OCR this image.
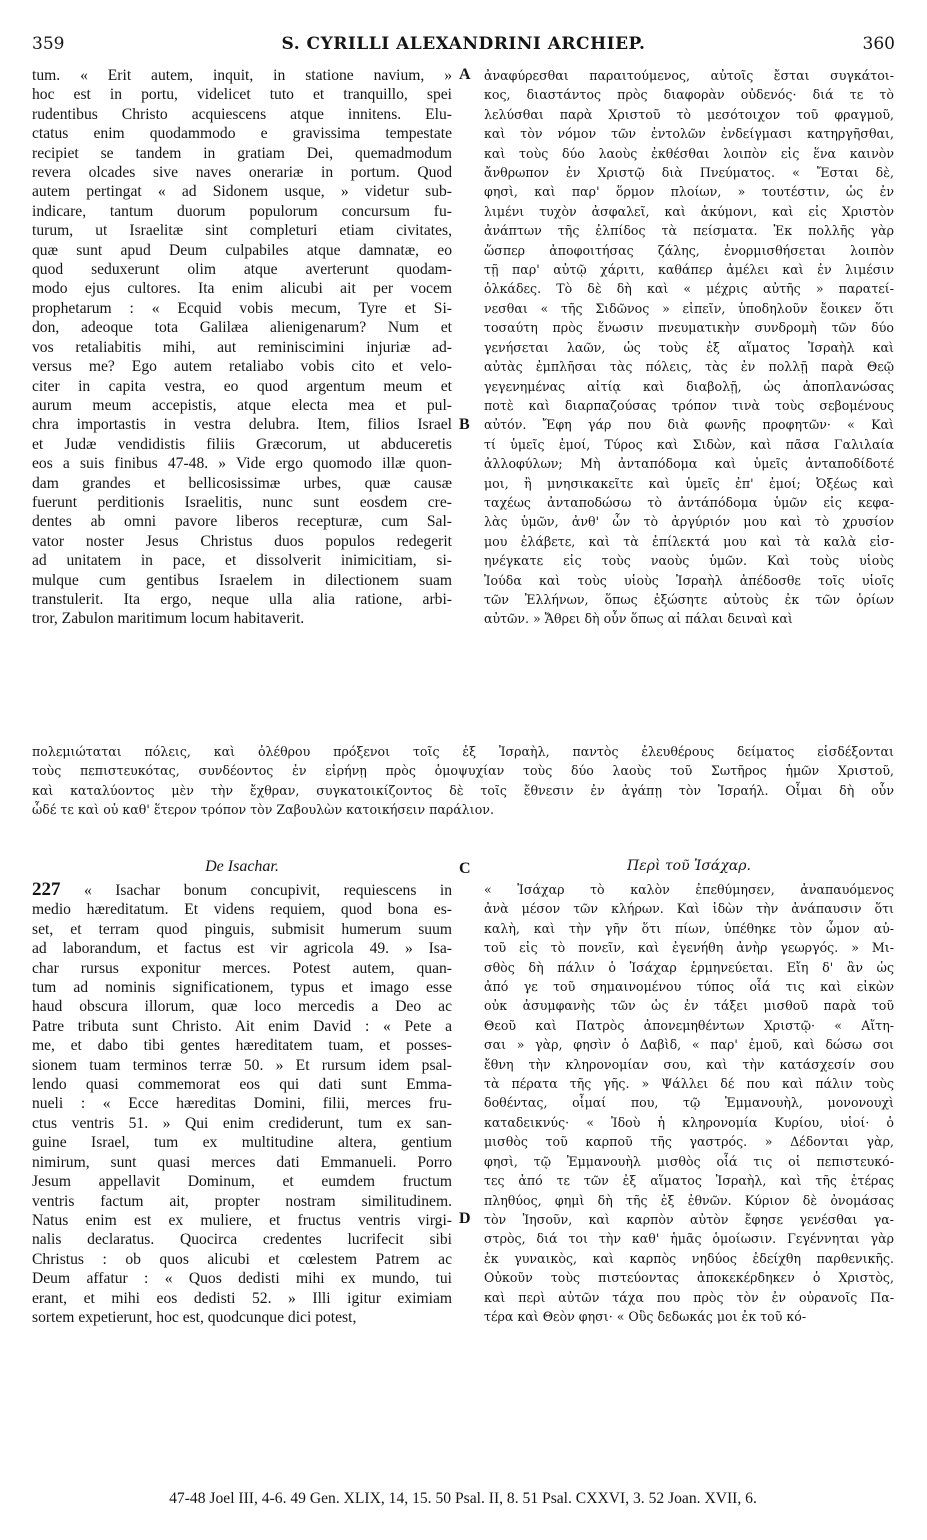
359	S. CYRILLI ALEXANDRINI ARCHIEP.	360
tum. « Erit autem, inquit, in statione navium, »
hoc est in portu, videlicet tuto et tranquillo, spei
rudentibus Christo acquiescens atque innitens. Elu-
ctatus enim quodammodo e gravissima tempestate
recipiet se tandem in gratiam Dei, quemadmodum
revera olcades sive naves onerariæ in portum. Quod
autem pertingat « ad Sidonem usque, » videtur sub-
indicare, tantum duorum populorum concursum fu-
turum, ut Israelitæ sint completuri etiam civitates,
quæ sunt apud Deum culpabiles atque damnatæ, eo
quod seduxerunt olim atque averterunt quodam-
modo ejus cultores. Ita enim alicubi ait per vocem
prophetarum : « Ecquid vobis mecum, Tyre et Si-
don, adeoque tota Galilæa alienigenarum? Num et
vos retaliabitis mihi, aut reminiscimini injuriæ ad-
versus me? Ego autem retaliabo vobis cito et velo-
citer in capita vestra, eo quod argentum meum et
aurum meum accepistis, atque electa mea et pul-
chra importastis in vestra delubra. Item, filios Israel
et Judæ vendidistis filiis Græcorum, ut abduceretis
eos a suis finibus 47-48. » Vide ergo quomodo illæ quon-
dam grandes et bellicosissimæ urbes, quæ causæ
fuerunt perditionis Israelitis, nunc sunt eosdem cre-
dentes ab omni pavore liberos recepturæ, cum Sal-
vator noster Jesus Christus duos populos redegerit
ad unitatem in pace, et dissolverit inimicitiam, si-
mulque cum gentibus Israelem in dilectionem suam
transtulerit. Ita ergo, neque ulla alia ratione, arbi-
tror, Zabulon maritimum locum habitaverit.
ἀναφύρεσθαι παραιτούμενος, αὐτοῖς ἔσται συγκάτοι-
κος, διαστάντος πρὸς διαφορὰν οὐδενός· διά τε τὸ
λελύσθαι παρὰ Χριστοῦ τὸ μεσότοιχον τοῦ φραγμοῦ,
καὶ τὸν νόμον τῶν ἐντολῶν ἐνδείγμασι κατηργῆσθαι,
καὶ τοὺς δύο λαοὺς ἐκθέσθαι λοιπὸν εἰς ἕνα καινὸν
ἄνθρωπον ἐν Χριστῷ διὰ Πνεύματος. « Ἔσται δὲ,
φησὶ, καὶ παρ' ὅρμον πλοίων, » τουτέστιν, ὡς ἐν
λιμένι τυχὸν ἀσφαλεῖ, καὶ ἀκύμονι, καὶ εἰς Χριστὸν
ἀνάπτων τῆς ἐλπίδος τὰ πείσματα. Ἐκ πολλῆς γὰρ
ὥσπερ ἀποφοιτήσας ζάλης, ἐνορμισθήσεται λοιπὸν
τῇ παρ' αὐτῷ χάριτι, καθάπερ ἀμέλει καὶ ἐν λιμέσιν
ὁλκάδες. Τὸ δὲ δὴ καὶ « μέχρις αὐτῆς » παρατεί-
νεσθαι « τῆς Σιδῶνος » εἰπεῖν, ὑποδηλοῦν ἔοικεν ὅτι
τοσαύτη πρὸς ἕνωσιν πνευματικὴν συνδρομὴ τῶν δύο
γενήσεται λαῶν, ὡς τοὺς ἐξ αἵματος Ἰσραὴλ καὶ
αὐτὰς ἐμπλῆσαι τὰς πόλεις, τὰς ἐν πολλῇ παρὰ Θεῷ
γεγενημένας αἰτίᾳ καὶ διαβολῇ, ὡς ἀποπλανώσας
ποτὲ καὶ διαρπαζούσας τρόπον τινὰ τοὺς σεβομένους
αὐτόν. Ἔφη γάρ που διὰ φωνῆς προφητῶν· « Καὶ
τί ὑμεῖς ἐμοί, Τύρος καὶ Σιδὼν, καὶ πᾶσα Γαλιλαία
ἀλλοφύλων; Μὴ ἀνταπόδομα καὶ ὑμεῖς ἀνταποδίδοτέ
μοι, ἢ μνησικακεῖτε καὶ ὑμεῖς ἐπ' ἐμοί; Ὀξέως καὶ
ταχέως ἀνταποδώσω τὸ ἀντάπόδομα ὑμῶν εἰς κεφα-
λὰς ὑμῶν, ἀνθ' ὧν τὸ ἀργύριόν μου καὶ τὸ χρυσίον
μου ἐλάβετε, καὶ τὰ ἐπίλεκτά μου καὶ τὰ καλὰ εἰσ-
ηνέγκατε εἰς τοὺς ναοὺς ὑμῶν. Καὶ τοὺς υἱοὺς
Ἰούδα καὶ τοὺς υἱοὺς Ἰσραὴλ ἀπέδοσθε τοῖς υἱοῖς
τῶν Ἑλλήνων, ὅπως ἐξώσητε αὐτοὺς ἐκ τῶν ὁρίων
αὐτῶν. » Ἄθρει δὴ οὖν ὅπως αἱ πάλαι δειναὶ καὶ
πολεμιώταται πόλεις, καὶ ὀλέθρου πρόξενοι τοῖς ἐξ Ἰσραὴλ, παντὸς ἐλευθέρους δείματος εἰσδέξονται
τοὺς πεπιστευκότας, συνδέοντος ἐν εἰρήνῃ πρὸς ὁμοψυχίαν τοὺς δύο λαοὺς τοῦ Σωτῆρος ἡμῶν Χριστοῦ,
καὶ καταλύοντος μὲν τὴν ἔχθραν, συγκατοικίζοντος δὲ τοῖς ἔθνεσιν ἐν ἀγάπῃ τὸν Ἰσραήλ. Οἶμαι δὴ οὖν
ὧδέ τε καὶ οὐ καθ' ἕτερον τρόπον τὸν Ζαβουλὼν κατοικήσειν παράλιον.
A
B
C
D
De Isachar.	Περὶ τοῦ Ἰσάχαρ.
227 « Isachar bonum concupivit, requiescens in
medio hæreditatum. Et videns requiem, quod bona es-
set, et terram quod pinguis, submisit humerum suum
ad laborandum, et factus est vir agricola 49. » Isa-
char rursus exponitur merces. Potest autem, quan-
tum ad nominis significationem, typus et imago esse
haud obscura illorum, quæ loco mercedis a Deo ac
Patre tributa sunt Christo. Ait enim David : « Pete a
me, et dabo tibi gentes hæreditatem tuam, et posses-
sionem tuam terminos terræ 50. » Et rursum idem psal-
lendo quasi commemorat eos qui dati sunt Emma-
nueli : « Ecce hæreditas Domini, filii, merces fru-
ctus ventris 51. » Qui enim crediderunt, tum ex san-
guine Israel, tum ex multitudine altera, gentium
nimirum, sunt quasi merces dati Emmanueli. Porro
Jesum appellavit Dominum, et eumdem fructum
ventris factum ait, propter nostram similitudinem.
Natus enim est ex muliere, et fructus ventris virgi-
nalis declaratus. Quocirca credentes lucrifecit sibi
Christus : ob quos alicubi et cœlestem Patrem ac
Deum affatur : « Quos dedisti mihi ex mundo, tui
erant, et mihi eos dedisti 52. » Illi igitur eximiam
sortem expetierunt, hoc est, quodcunque dici potest,
« Ἰσάχαρ τὸ καλὸν ἐπεθύμησεν, ἀναπαυόμενος
ἀνὰ μέσον τῶν κλήρων. Καὶ ἰδὼν τὴν ἀνάπαυσιν ὅτι
καλὴ, καὶ τὴν γῆν ὅτι πίων, ὑπέθηκε τὸν ὦμον αὐ-
τοῦ εἰς τὸ πονεῖν, καὶ ἐγενήθη ἀνὴρ γεωργός. » Μι-
σθὸς δὴ πάλιν ὁ Ἰσάχαρ ἑρμηνεύεται. Εἴη δ' ἂν ὡς
ἀπό γε τοῦ σημαινομένου τύπος οἷά τις καὶ εἰκὼν
οὐκ ἀσυμφανὴς τῶν ὡς ἐν τάξει μισθοῦ παρὰ τοῦ
Θεοῦ καὶ Πατρὸς ἀπονεμηθέντων Χριστῷ· « Αἴτη-
σαι » γὰρ, φησὶν ὁ Δαβὶδ, « παρ' ἐμοῦ, καὶ δώσω σοι
ἔθνη τὴν κληρονομίαν σου, καὶ τὴν κατάσχεσίν σου
τὰ πέρατα τῆς γῆς. » Ψάλλει δέ που καὶ πάλιν τοὺς
δοθέντας, οἶμαί που, τῷ Ἐμμανουὴλ, μονονουχὶ
καταδεικνύς· « Ἰδοὺ ἡ κληρονομία Κυρίου, υἱοί· ὁ
μισθὸς τοῦ καρποῦ τῆς γαστρός. » Δέδονται γὰρ,
φησὶ, τῷ Ἐμμανουὴλ μισθὸς οἷά τις οἱ πεπιστευκό-
τες ἀπό τε τῶν ἐξ αἵματος Ἰσραὴλ, καὶ τῆς ἑτέρας
πληθύος, φημὶ δὴ τῆς ἐξ ἐθνῶν. Κύριον δὲ ὀνομάσας
τὸν Ἰησοῦν, καὶ καρπὸν αὐτὸν ἔφησε γενέσθαι γα-
στρὸς, διά τοι τὴν καθ' ἡμᾶς ὁμοίωσιν. Γεγέννηται γὰρ
ἐκ γυναικὸς, καὶ καρπὸς νηδύος ἐδείχθη παρθενικῆς.
Οὐκοῦν τοὺς πιστεύοντας ἀποκεκέρδηκεν ὁ Χριστὸς,
καὶ περὶ αὐτῶν τάχα που πρὸς τὸν ἐν οὐρανοῖς Πα-
τέρα καὶ Θεὸν φησι· « Οὓς δεδωκάς μοι ἐκ τοῦ κό-
47-48 Joel III, 4-6. 49 Gen. XLIX, 14, 15. 50 Psal. II, 8. 51 Psal. CXXVI, 3. 52 Joan. XVII, 6.
